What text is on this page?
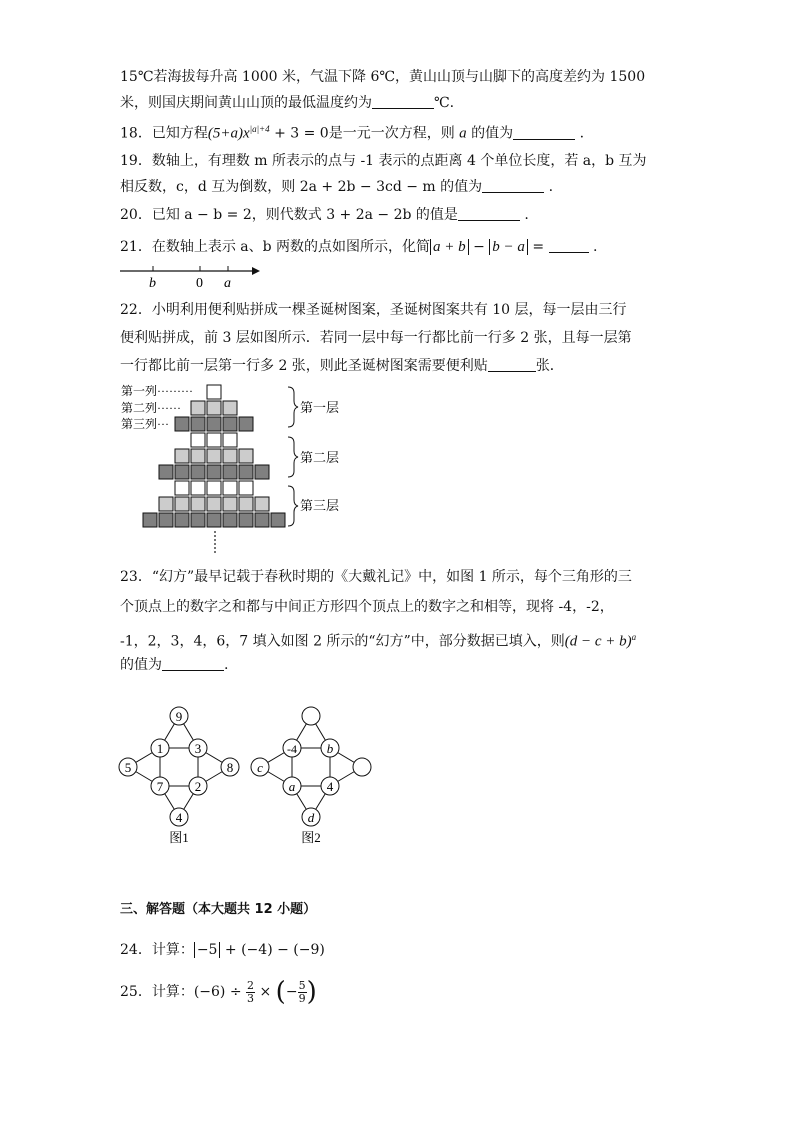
15℃若海拔每升高 1000 米，气温下降 6℃，黄山山顶与山脚下的高度差约为 1500
米，则国庆期间黄山山顶的最低温度约为	℃.
18．已知方程$(5+a)x^{|a|+4} + 3 = 0$是一元一次方程，则 a 的值为	.
19．数轴上，有理数 m 所表示的点与 -1 表示的点距离 4 个单位长度，若 a，b 互为
相反数，c，d 互为倒数，则 2a + 2b − 3cd − m 的值为	.
20．已知 a − b = 2，则代数式 3 + 2a − 2b 的值是	.
21．在数轴上表示 a、b 两数的点如图所示，化简 a + b − b − a =	.
b	0 a
22．小明利用便利贴拼成一棵圣诞树图案，圣诞树图案共有 10 层，每一层由三行
便利贴拼成，前 3 层如图所示．若同一层中每一行都比前一行多 2 张，且每一层第
一行都比前一层第一行多 2 张，则此圣诞树图案需要便利贴	张．
第一列·········
第二列······
第三列···
第一层
第二层
第三层
23．“幻方”最早记载于春秋时期的《大戴礼记》中，如图 1 所示，每个三角形的三
个顶点上的数字之和都与中间正方形四个顶点上的数字之和相等，现将 -4，-2，
-1，2，3，4，6，7 填入如图 2 所示的“幻方”中，部分数据已填入，则$(d - c + b)^a$
的值为	.
9
1 3
5	8
7 2
4
图1
-4 b
c
a 4
d
图2
三、解答题（本大题共 12 小题）
24．计算： −5 + (−4) − (−9)
25．计算：$(-6) \div \frac{2}{3}$ × (− $\frac{5}{9}$ )
